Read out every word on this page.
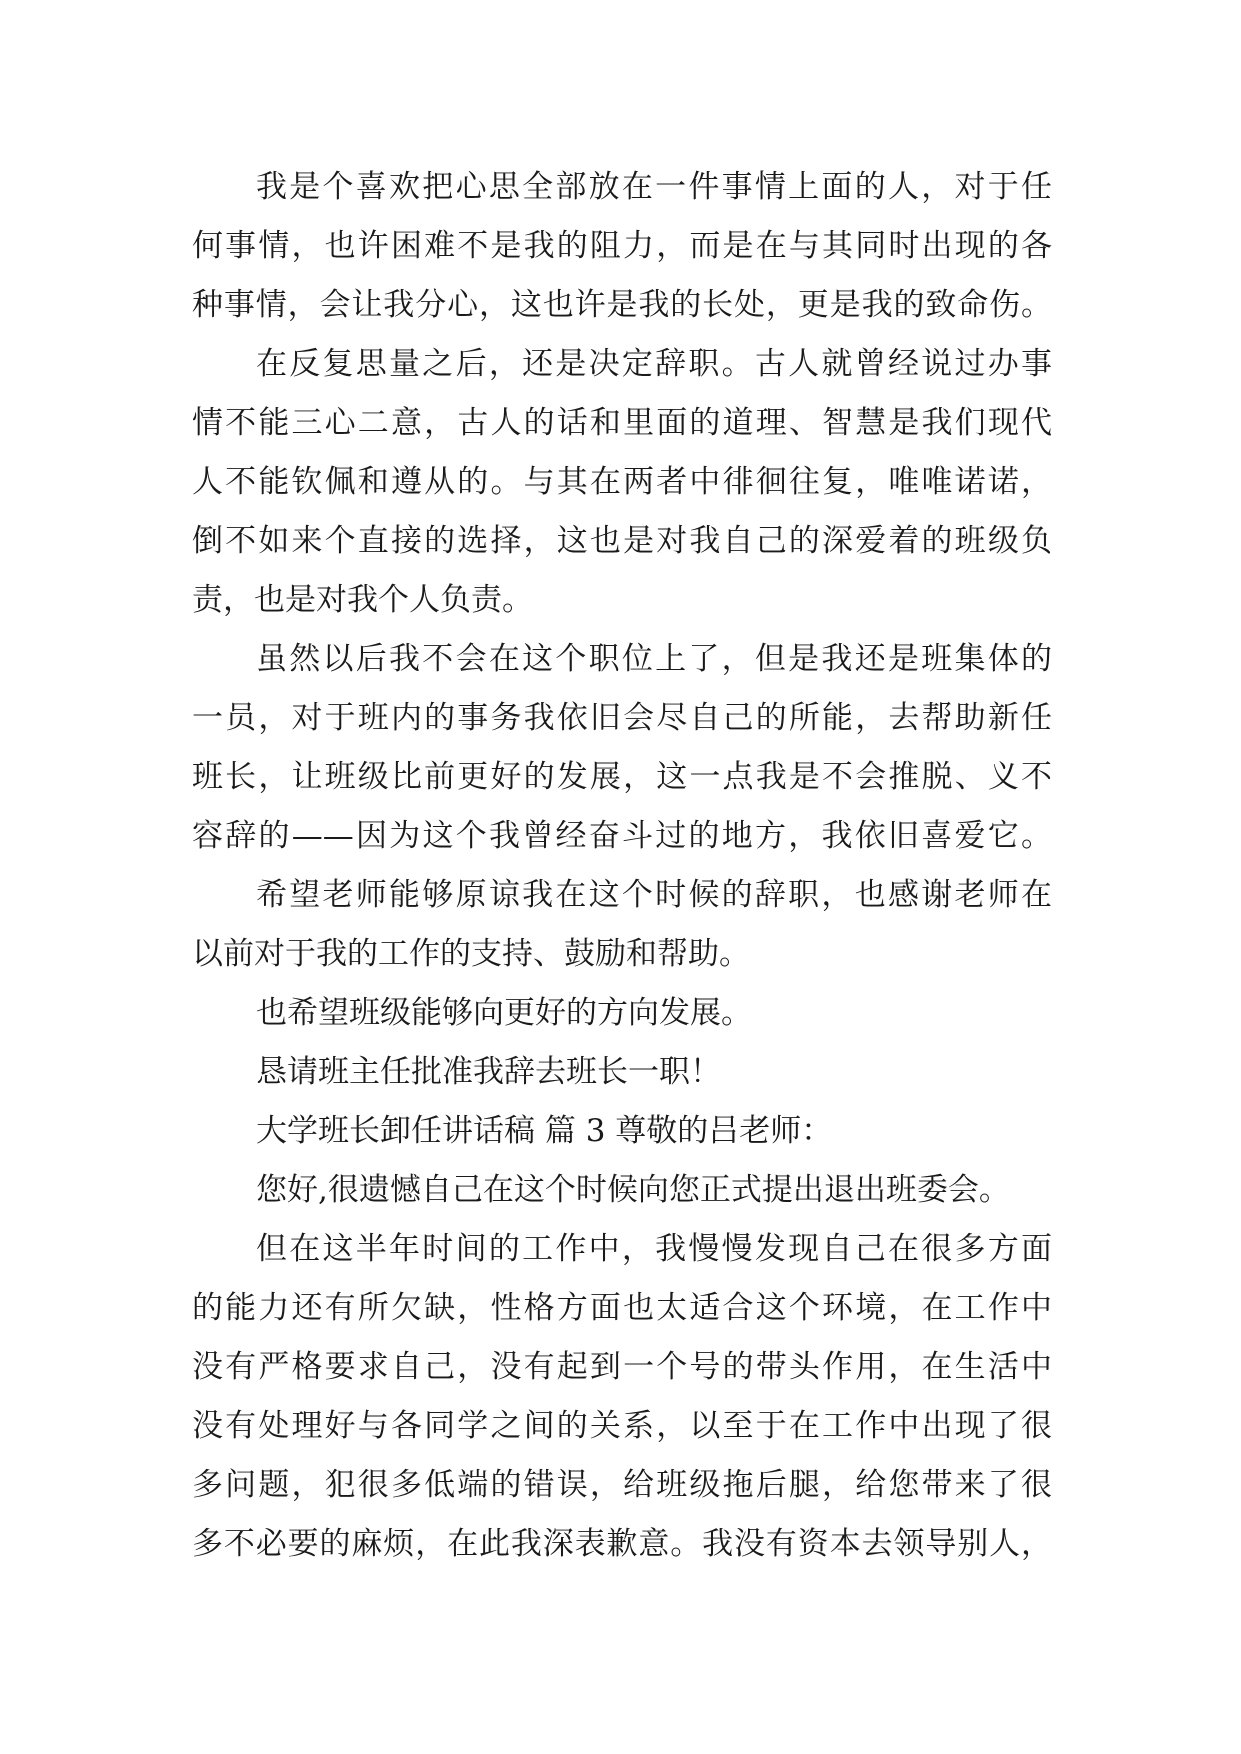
我是个喜欢把心思全部放在一件事情上面的人，对于任
何事情，也许困难不是我的阻力，而是在与其同时出现的各
种事情，会让我分心，这也许是我的长处，更是我的致命伤。
在反复思量之后，还是决定辞职。古人就曾经说过办事
情不能三心二意，古人的话和里面的道理、智慧是我们现代
人不能钦佩和遵从的。与其在两者中徘徊往复，唯唯诺诺，
倒不如来个直接的选择，这也是对我自己的深爱着的班级负
责，也是对我个人负责。
虽然以后我不会在这个职位上了，但是我还是班集体的
一员，对于班内的事务我依旧会尽自己的所能，去帮助新任
班长，让班级比前更好的发展，这一点我是不会推脱、义不
容辞的——因为这个我曾经奋斗过的地方，我依旧喜爱它。
希望老师能够原谅我在这个时候的辞职，也感谢老师在
以前对于我的工作的支持、鼓励和帮助。
也希望班级能够向更好的方向发展。
恳请班主任批准我辞去班长一职！
大学班长卸任讲话稿 篇 3 尊敬的吕老师：
您好,很遗憾自己在这个时候向您正式提出退出班委会。
但在这半年时间的工作中，我慢慢发现自己在很多方面
的能力还有所欠缺，性格方面也太适合这个环境，在工作中
没有严格要求自己，没有起到一个号的带头作用，在生活中
没有处理好与各同学之间的关系，以至于在工作中出现了很
多问题，犯很多低端的错误，给班级拖后腿，给您带来了很
多不必要的麻烦，在此我深表歉意。我没有资本去领导别人，
